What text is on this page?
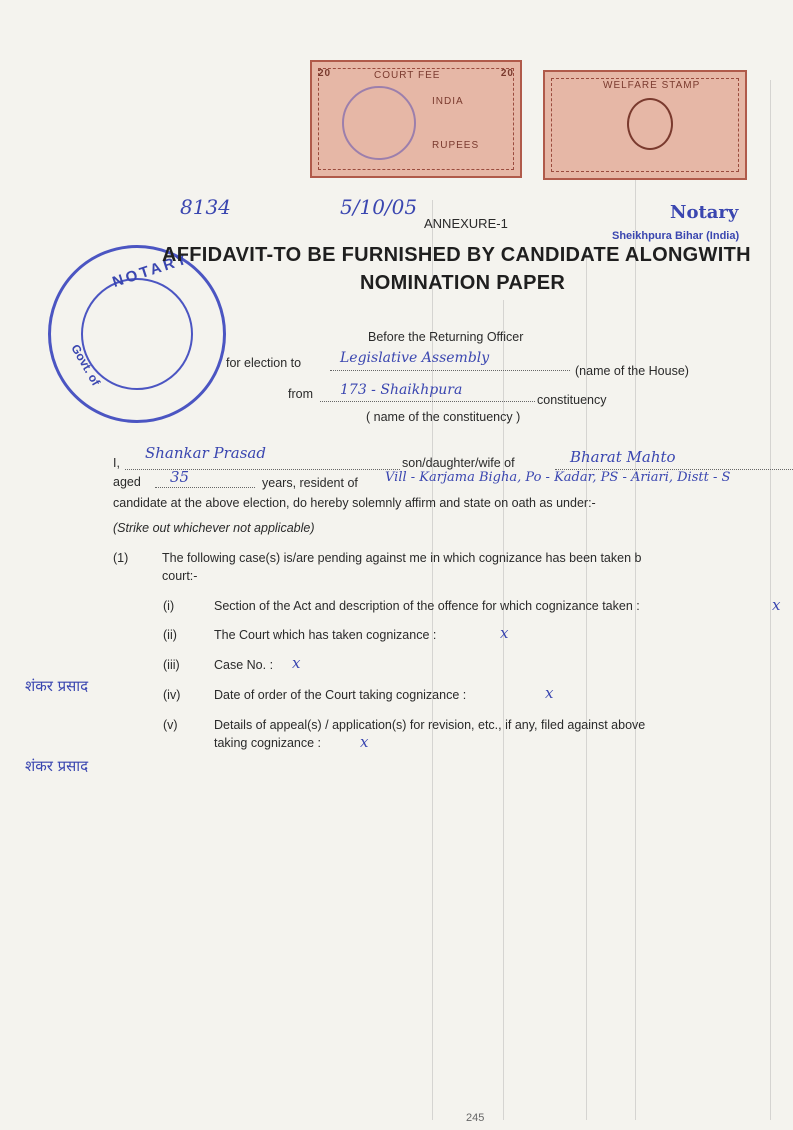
20	20
COURT FEE
INDIA
RUPEES
WELFARE STAMP
8134	5/10/05
ANNEXURE-1
Notary
Sheikhpura Bihar (India)
NOTARY
Govt. of
AFFIDAVIT-TO BE FURNISHED BY CANDIDATE ALONGWITH
NOMINATION PAPER
Before the Returning Officer
for election to	Legislative Assembly
(name of the House)
from 173 - Shaikhpura
constituency
( name of the constituency )
I,
Shankar Prasad
son/daughter/wife of	Bharat Mahto
aged 35	years, resident of Vill - Karjama Bigha, Po - Kadar, PS - Ariari, Distt - S
candidate at the above election, do hereby solemnly affirm and state on oath as under:-
(Strike out whichever not applicable)
(1)	The following case(s) is/are pending against me in which cognizance has been taken b
court:-
(i)	Section of the Act and description of the offence for which cognizance taken :	x
(ii)	The Court which has taken cognizance :	x
(iii)	Case No. : x
(iv)	Date of order of the Court taking cognizance :	x
(v)	Details of appeal(s) / application(s) for revision, etc., if any, filed against above
taking cognizance :	x
शंकर प्रसाद
शंकर प्रसाद
245
